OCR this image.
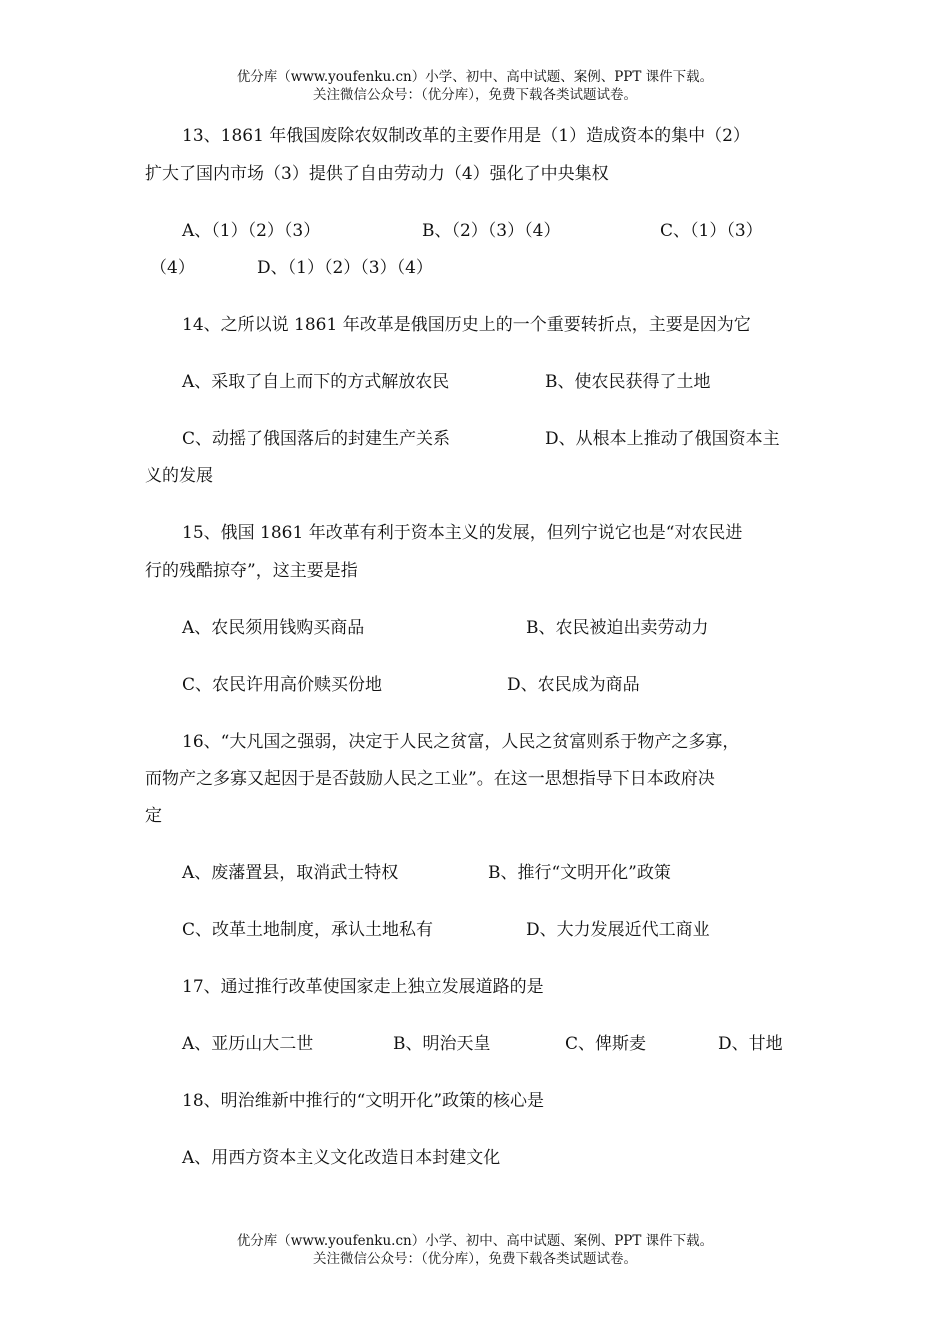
优分库（www.youfenku.cn）小学、初中、高中试题、案例、PPT 课件下载。
关注微信公众号：（优分库），免费下载各类试题试卷。
13、1861 年俄国废除农奴制改革的主要作用是（1）造成资本的集中（2）
扩大了国内市场（3）提供了自由劳动力（4）强化了中央集权
A、（1）（2）（3）	B、（2）（3）（4）	C、（1）（3）
（4）	D、（1）（2）（3）（4）
14、之所以说 1861 年改革是俄国历史上的一个重要转折点，主要是因为它
A、采取了自上而下的方式解放农民	B、使农民获得了土地
C、动摇了俄国落后的封建生产关系	D、从根本上推动了俄国资本主
义的发展
15、俄国 1861 年改革有利于资本主义的发展，但列宁说它也是“对农民进
行的残酷掠夺”，这主要是指
A、农民须用钱购买商品	B、农民被迫出卖劳动力
C、农民许用高价赎买份地	D、农民成为商品
16、“大凡国之强弱，决定于人民之贫富，人民之贫富则系于物产之多寡，
而物产之多寡又起因于是否鼓励人民之工业”。在这一思想指导下日本政府决
定
A、废藩置县，取消武士特权	B、推行“文明开化”政策
C、改革土地制度，承认土地私有	D、大力发展近代工商业
17、通过推行改革使国家走上独立发展道路的是
A、亚历山大二世	B、明治天皇	C、俾斯麦	D、甘地
18、明治维新中推行的“文明开化”政策的核心是
A、用西方资本主义文化改造日本封建文化
优分库（www.youfenku.cn）小学、初中、高中试题、案例、PPT 课件下载。
关注微信公众号：（优分库），免费下载各类试题试卷。
